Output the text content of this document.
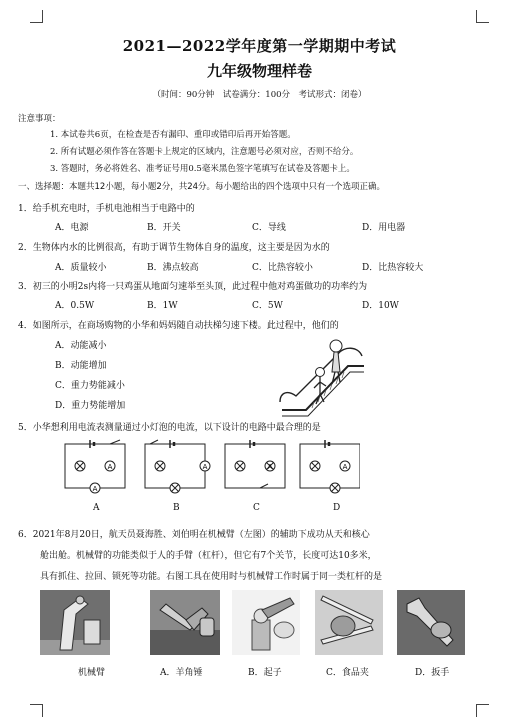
2021—2022学年度第一学期期中考试
九年级物理样卷
（时间：90分钟　试卷满分：100分　考试形式：闭卷）
注意事项：
1. 本试卷共6页，在检查是否有漏印、重印或错印后再开始答题。
2. 所有试题必须作答在答题卡上规定的区域内，注意题号必须对应，否则不给分。
3. 答题时，务必将姓名、准考证号用0.5毫米黑色签字笔填写在试卷及答题卡上。
一、选择题：本题共12小题，每小题2分，共24分。每小题给出的四个选项中只有一个选项正确。
1．给手机充电时，手机电池相当于电路中的
A．电源	B．开关	C．导线	D．用电器
2．生物体内水的比例很高，有助于调节生物体自身的温度，这主要是因为水的
A．质量较小	B．沸点较高	C．比热容较小	D．比热容较大
3．初三的小明2s内将一只鸡蛋从地面匀速举至头顶，此过程中他对鸡蛋做功的功率约为
A．0.5W	B．1W	C．5W	D．10W
4．如图所示，在商场购物的小华和妈妈随自动扶梯匀速下楼。此过程中，他们的
A．动能减小
B．动能增加
C．重力势能减小
D．重力势能增加
5．小华想利用电流表测量通过小灯泡的电流，以下设计的电路中最合理的是
A
A
A	A	A
A	B	C	D
6．2021年8月20日，航天员聂海胜、刘伯明在机械臂（左图）的辅助下成功从天和核心
舱出舱。机械臂的功能类似于人的手臂（杠杆），但它有7个关节，长度可达10多米，
具有抓住、拉回、锁死等功能。右图工具在使用时与机械臂工作时属于同一类杠杆的是
机械臂	A．羊角锤	B．起子	C．食品夹	D．扳手
